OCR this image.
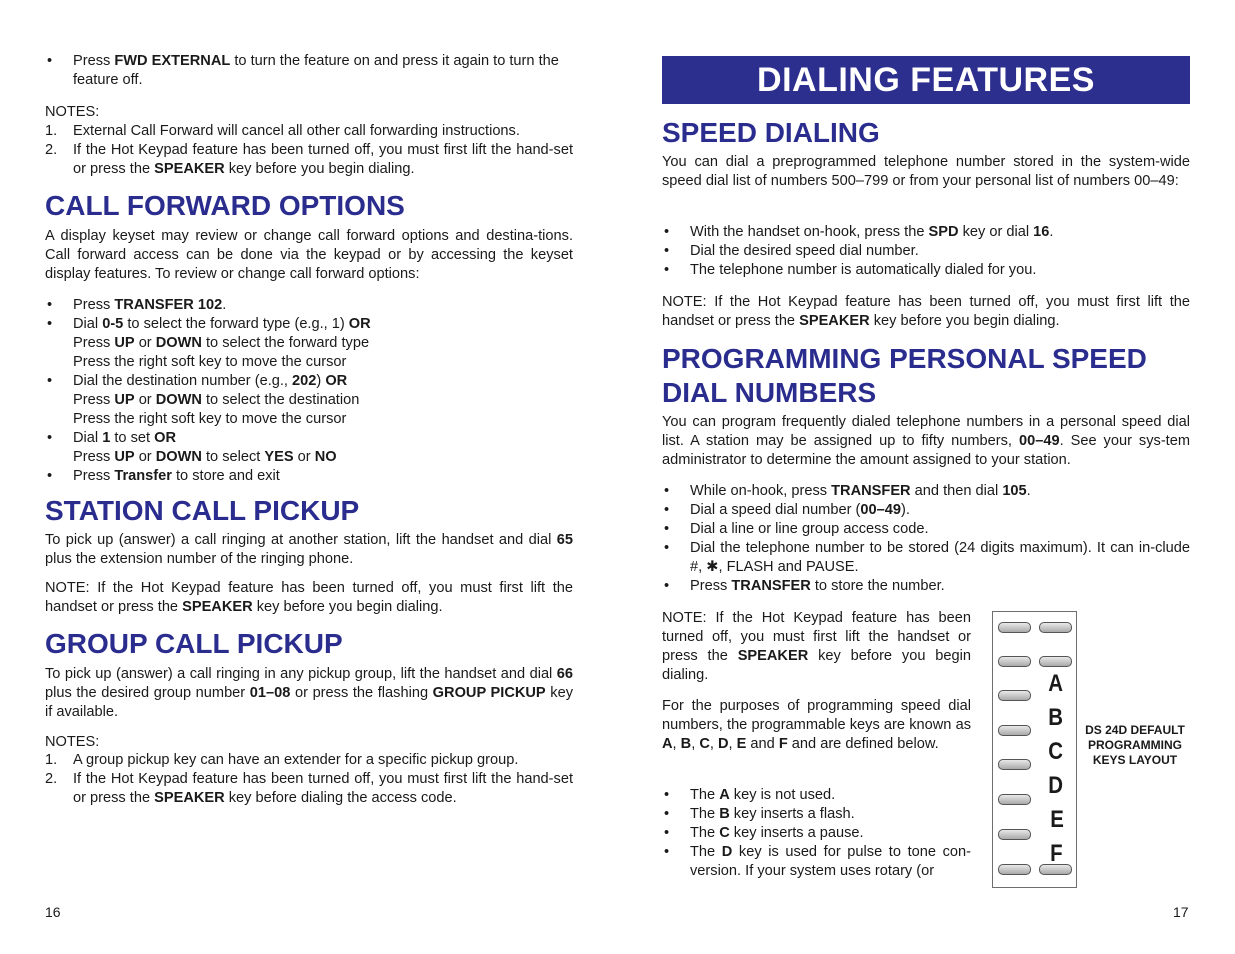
• Press FWD EXTERNAL to turn the feature on and press it again to turn the feature off.

NOTES:

1. External Call Forward will cancel all other call forwarding instructions.
2. If the Hot Keypad feature has been turned off, you must first lift the hand-set or press the SPEAKER key before you begin dialing.
CALL FORWARD OPTIONS

A display keyset may review or change call forward options and destina-tions. Call forward access can be done via the keypad or by accessing the keyset display features. To review or change call forward options:

• Press TRANSFER 102.
• Dial 0-5 to select the forward type (e.g., 1) OR
Press UP or DOWN to select the forward type
Press the right soft key to move the cursor
• Dial the destination number (e.g., 202) OR
Press UP or DOWN to select the destination
Press the right soft key to move the cursor
• Dial 1 to set OR
Press UP or DOWN to select YES or NO
• Press Transfer to store and exit
STATION CALL PICKUP

To pick up (answer) a call ringing at another station, lift the handset and dial 65 plus the extension number of the ringing phone.

NOTE: If the Hot Keypad feature has been turned off, you must first lift the handset or press the SPEAKER key before you begin dialing.

GROUP CALL PICKUP

To pick up (answer) a call ringing in any pickup group, lift the handset and dial 66 plus the desired group number 01–08 or press the flashing GROUP PICKUP key if available.

NOTES:

1. A group pickup key can have an extender for a specific pickup group.
2. If the Hot Keypad feature has been turned off, you must first lift the hand-set or press the SPEAKER key before dialing the access code.
16
DIALING FEATURES
SPEED DIALING

You can dial a preprogrammed telephone number stored in the system-wide speed dial list of numbers 500–799 or from your personal list of numbers 00–49:

• With the handset on-hook, press the SPD key or dial 16.
• Dial the desired speed dial number.
• The telephone number is automatically dialed for you.

NOTE: If the Hot Keypad feature has been turned off, you must first lift the handset or press the SPEAKER key before you begin dialing.

PROGRAMMING PERSONAL SPEED DIAL NUMBERS

You can program frequently dialed telephone numbers in a personal speed dial list. A station may be assigned up to fifty numbers, 00–49. See your sys-tem administrator to determine the amount assigned to your station.

• While on-hook, press TRANSFER and then dial 105.
• Dial a speed dial number (00–49).
• Dial a line or line group access code.
• Dial the telephone number to be stored (24 digits maximum). It can in-clude #, ✱, FLASH and PAUSE.
• Press TRANSFER to store the number.

NOTE: If the Hot Keypad feature has been turned off, you must first lift the handset or press the SPEAKER key before you begin dialing.

For the purposes of programming speed dial numbers, the programmable keys are known as A, B, C, D, E and F and are defined below.

• The A key is not used.
• The B key inserts a flash.
• The C key inserts a pause.
• The D key is used for pulse to tone con-version. If your system uses rotary (or
A
B
C
D
E
F
DS 24D DEFAULT PROGRAMMING KEYS LAYOUT
17
